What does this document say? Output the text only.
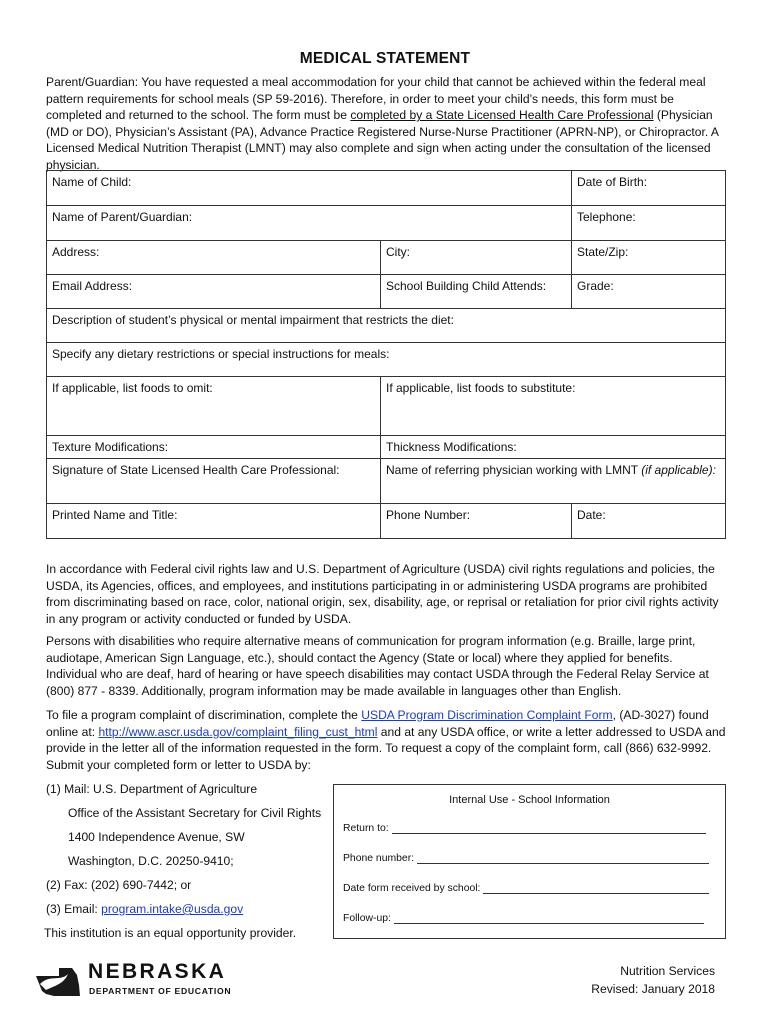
MEDICAL STATEMENT
Parent/Guardian: You have requested a meal accommodation for your child that cannot be achieved within the federal meal pattern requirements for school meals (SP 59-2016). Therefore, in order to meet your child’s needs, this form must be completed and returned to the school. The form must be completed by a State Licensed Health Care Professional (Physician (MD or DO), Physician’s Assistant (PA), Advance Practice Registered Nurse-Nurse Practitioner (APRN-NP), or Chiropractor. A Licensed Medical Nutrition Therapist (LMNT) may also complete and sign when acting under the consultation of the licensed physician.
Name of Child:		Date of Birth:
Name of Parent/Guardian:		Telephone:
Address:	City:	State/Zip:
Email Address:	School Building Child Attends:	Grade:
Description of student’s physical or mental impairment that restricts the diet:		
Specify any dietary restrictions or special instructions for meals:		
If applicable, list foods to omit:	If applicable, list foods to substitute:	
Texture Modifications:	Thickness Modifications:	
Signature of State Licensed Health Care Professional:	Name of referring physician working with LMNT (if applicable):	
Printed Name and Title:	Phone Number:	Date:
In accordance with Federal civil rights law and U.S. Department of Agriculture (USDA) civil rights regulations and policies, the USDA, its Agencies, offices, and employees, and institutions participating in or administering USDA programs are prohibited from discriminating based on race, color, national origin, sex, disability, age, or reprisal or retaliation for prior civil rights activity in any program or activity conducted or funded by USDA.
Persons with disabilities who require alternative means of communication for program information (e.g. Braille, large print, audiotape, American Sign Language, etc.), should contact the Agency (State or local) where they applied for benefits. Individual who are deaf, hard of hearing or have speech disabilities may contact USDA through the Federal Relay Service at (800) 877 - 8339. Additionally, program information may be made available in languages other than English.
To file a program complaint of discrimination, complete the USDA Program Discrimination Complaint Form, (AD-3027) found online at: http://www.ascr.usda.gov/complaint_filing_cust_html and at any USDA office, or write a letter addressed to USDA and provide in the letter all of the information requested in the form. To request a copy of the complaint form, call (866) 632-9992. Submit your completed form or letter to USDA by:
(1) Mail: U.S. Department of Agriculture
Office of the Assistant Secretary for Civil Rights
1400 Independence Avenue, SW
Washington, D.C. 20250-9410;
(2) Fax: (202) 690-7442; or
(3) Email: program.intake@usda.gov
This institution is an equal opportunity provider.
Internal Use - School Information
Return to:
Phone number:
Date form received by school:
Follow-up:
NEBRASKA
DEPARTMENT OF EDUCATION
Nutrition Services
Revised: January 2018
